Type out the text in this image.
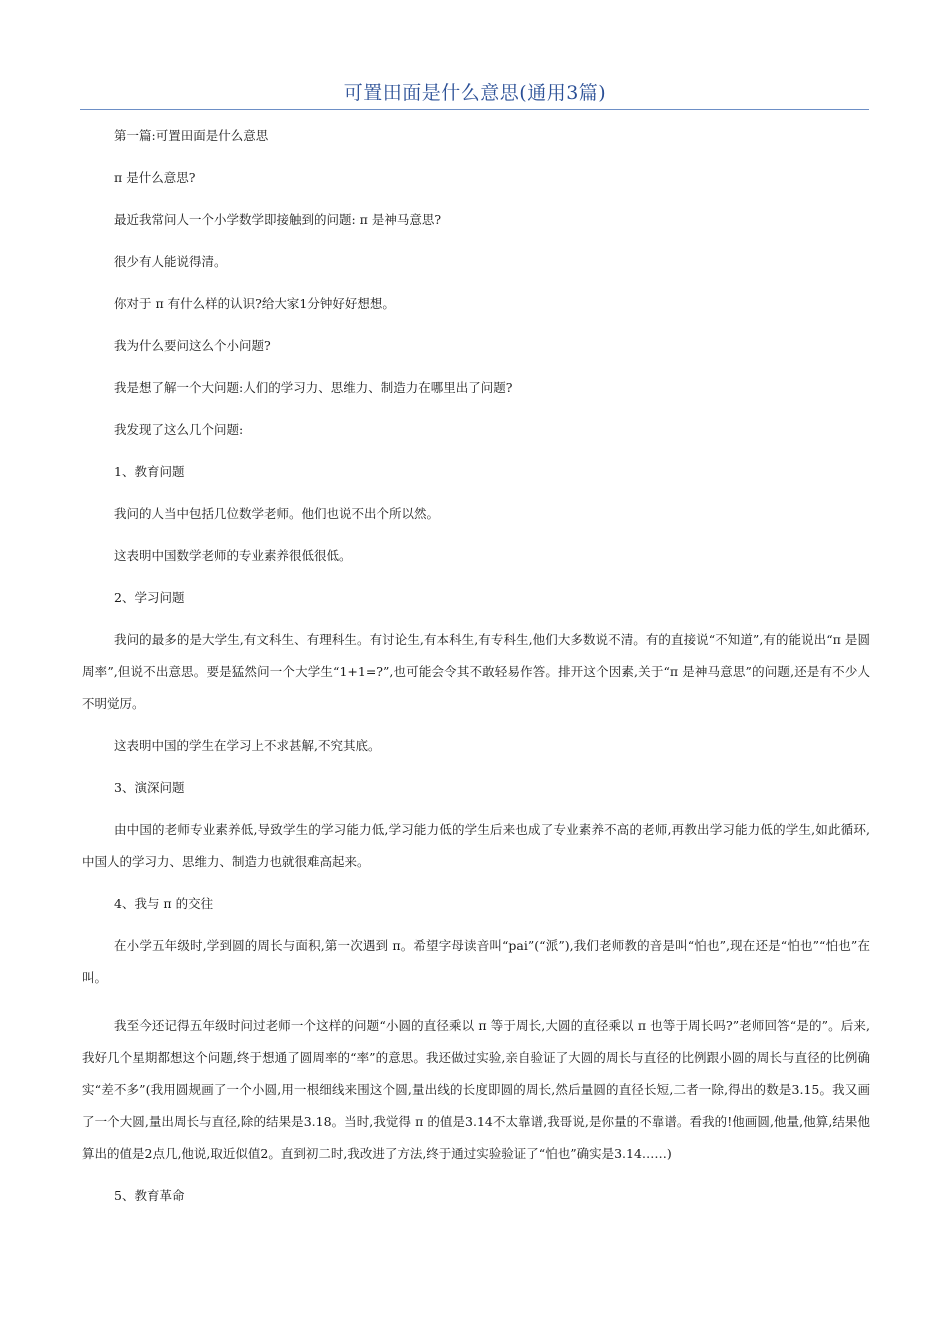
可置田面是什么意思(通用3篇)

第一篇:可置田面是什么意思

π 是什么意思?

最近我常问人一个小学数学即接触到的问题: π 是神马意思?

很少有人能说得清。

你对于 π 有什么样的认识?给大家1分钟好好想想。

我为什么要问这么个小问题?

我是想了解一个大问题:人们的学习力、思维力、制造力在哪里出了问题?

我发现了这么几个问题:

1、教育问题

我问的人当中包括几位数学老师。他们也说不出个所以然。

这表明中国数学老师的专业素养很低很低。

2、学习问题

我问的最多的是大学生,有文科生、有理科生。有讨论生,有本科生,有专科生,他们大多数说不清。有的直接说“不知道”,有的能说出“π 是圆周率”,但说不出意思。要是猛然问一个大学生“1+1=?”,也可能会令其不敢轻易作答。排开这个因素,关于“π 是神马意思”的问题,还是有不少人不明觉厉。

这表明中国的学生在学习上不求甚解,不究其底。

3、演深问题

由中国的老师专业素养低,导致学生的学习能力低,学习能力低的学生后来也成了专业素养不高的老师,再教出学习能力低的学生,如此循环,中国人的学习力、思维力、制造力也就很难高起来。

4、我与 π 的交往

在小学五年级时,学到圆的周长与面积,第一次遇到 π。希望字母读音叫“pai”(“派”),我们老师教的音是叫“怕也”,现在还是“怕也”“怕也”在叫。

我至今还记得五年级时问过老师一个这样的问题“小圆的直径乘以 π 等于周长,大圆的直径乘以 π 也等于周长吗?”老师回答“是的”。后来,我好几个星期都想这个问题,终于想通了圆周率的“率”的意思。我还做过实验,亲自验证了大圆的周长与直径的比例跟小圆的周长与直径的比例确实“差不多”(我用圆规画了一个小圆,用一根细线来围这个圆,量出线的长度即圆的周长,然后量圆的直径长短,二者一除,得出的数是3.15。我又画了一个大圆,量出周长与直径,除的结果是3.18。当时,我觉得 π 的值是3.14不太靠谱,我哥说,是你量的不靠谱。看我的!他画圆,他量,他算,结果他算出的值是2点几,他说,取近似值2。直到初二时,我改进了方法,终于通过实验验证了“怕也”确实是3.14……)

5、教育革命
